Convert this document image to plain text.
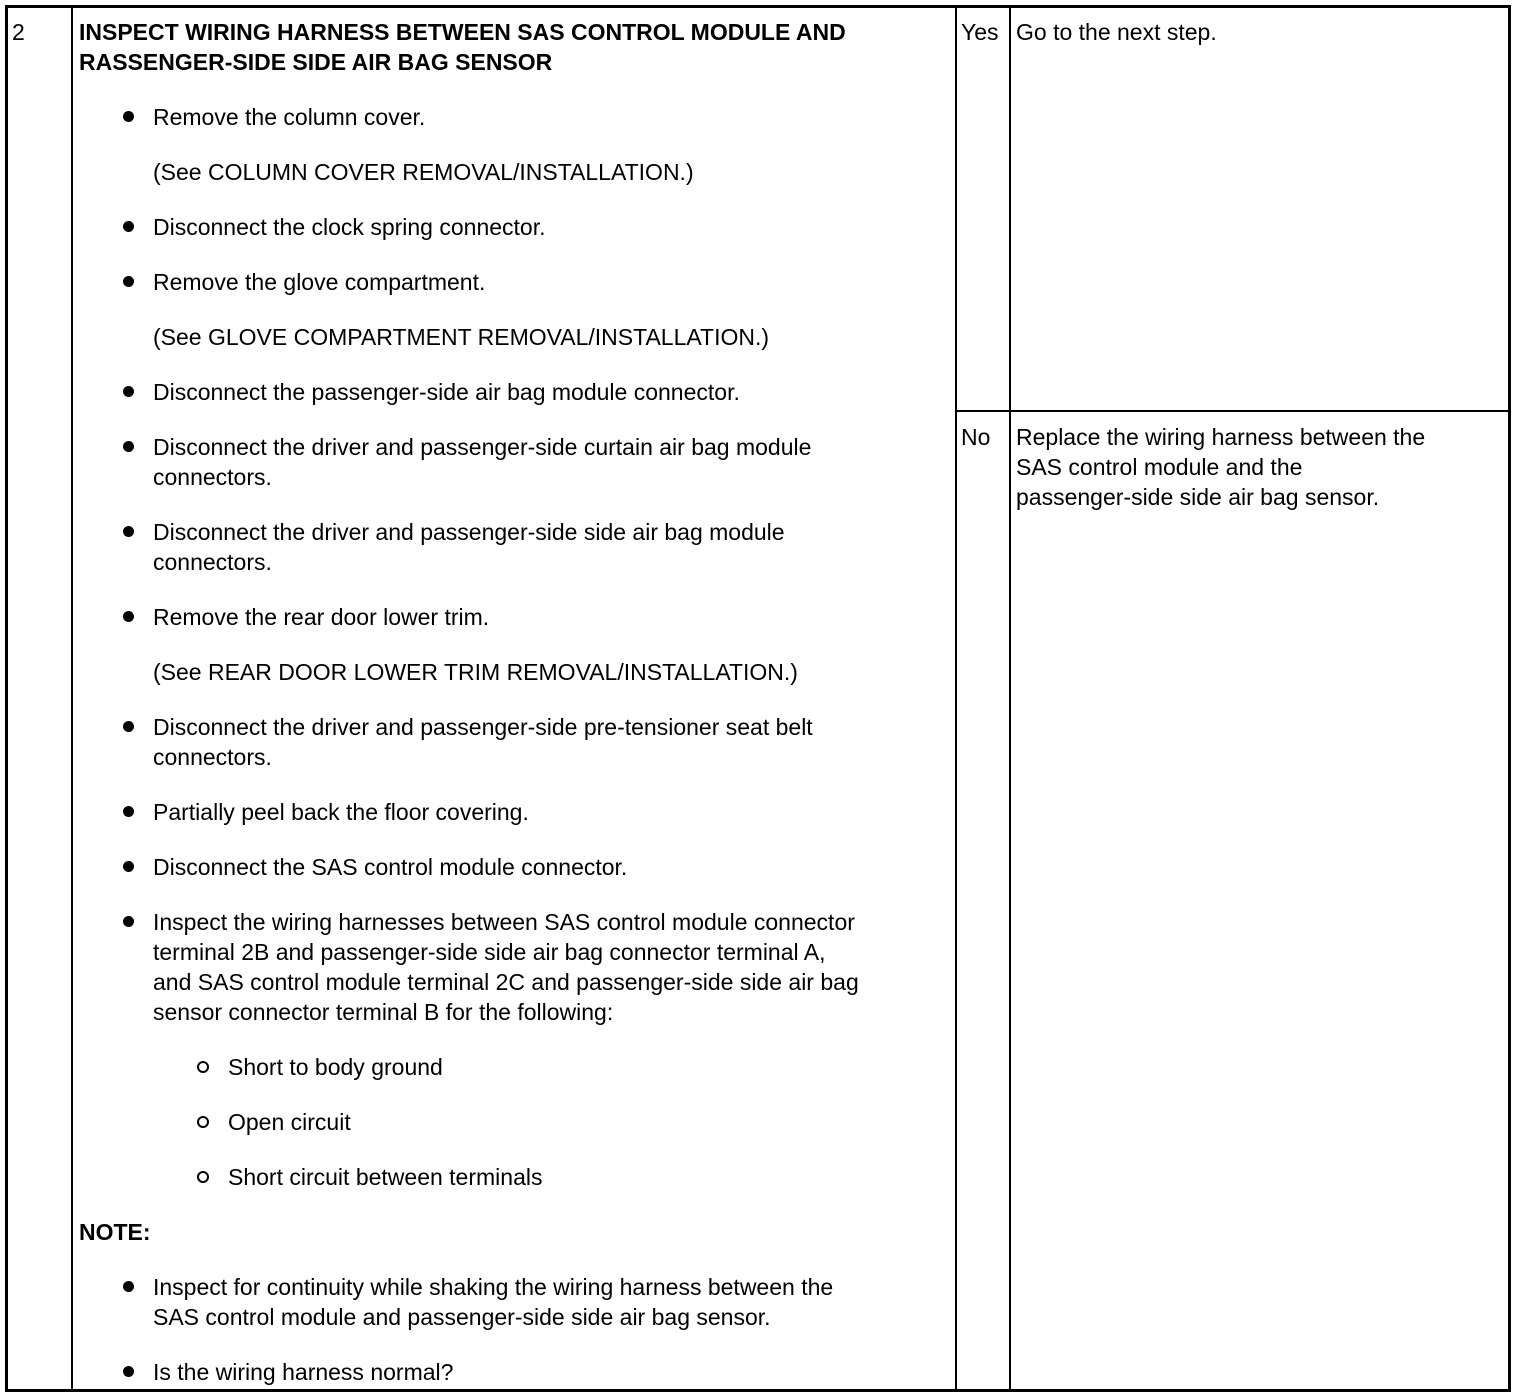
2 INSPECT WIRING HARNESS BETWEEN SAS CONTROL MODULE AND
RASSENGER-SIDE SIDE AIR BAG SENSOR
Remove the column cover.
(See COLUMN COVER REMOVAL/INSTALLATION.)
Disconnect the clock spring connector.
Remove the glove compartment.
(See GLOVE COMPARTMENT REMOVAL/INSTALLATION.)
Disconnect the passenger-side air bag module connector.
Disconnect the driver and passenger-side curtain air bag module
connectors.
Disconnect the driver and passenger-side side air bag module
connectors.
Remove the rear door lower trim.
(See REAR DOOR LOWER TRIM REMOVAL/INSTALLATION.)
Disconnect the driver and passenger-side pre-tensioner seat belt
connectors.
Partially peel back the floor covering.
Disconnect the SAS control module connector.
Inspect the wiring harnesses between SAS control module connector
terminal 2B and passenger-side side air bag connector terminal A,
and SAS control module terminal 2C and passenger-side side air bag
sensor connector terminal B for the following:
Short to body ground
Open circuit
Short circuit between terminals
NOTE:
Inspect for continuity while shaking the wiring harness between the
SAS control module and passenger-side side air bag sensor.
Is the wiring harness normal?
Yes Go to the next step.
No Replace the wiring harness between the
SAS control module and the
passenger-side side air bag sensor.
